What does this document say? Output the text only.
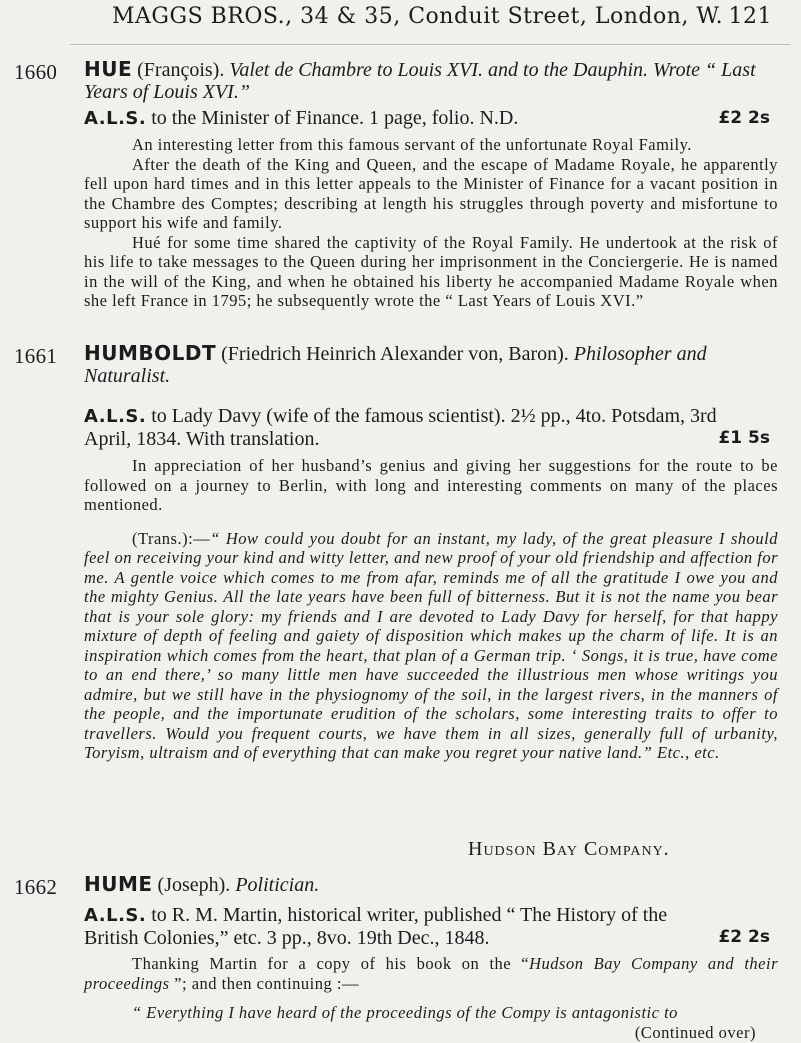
MAGGS BROS., 34 & 35, Conduit Street, London, W. 121
1660 HUE (François). Valet de Chambre to Louis XVI. and to the Dauphin. Wrote “ Last Years of Louis XVI.”
£2 2s
A.L.S. to the Minister of Finance. 1 page, folio. N.D.

An interesting letter from this famous servant of the unfortunate Royal Family.

After the death of the King and Queen, and the escape of Madame Royale, he apparently fell upon hard times and in this letter appeals to the Minister of Finance for a vacant position in the Chambre des Comptes; describing at length his struggles through poverty and misfortune to support his wife and family.

Hué for some time shared the captivity of the Royal Family. He undertook at the risk of his life to take messages to the Queen during her imprisonment in the Conciergerie. He is named in the will of the King, and when he obtained his liberty he accompanied Madame Royale when she left France in 1795; he subsequently wrote the “ Last Years of Louis XVI.”

1661 HUMBOLDT (Friedrich Heinrich Alexander von, Baron). Philosopher and Naturalist.
£1 5s
A.L.S. to Lady Davy (wife of the famous scientist). 2½ pp., 4to. Potsdam, 3rd April, 1834. With translation.

In appreciation of her husband’s genius and giving her suggestions for the route to be followed on a journey to Berlin, with long and interesting comments on many of the places mentioned.

(Trans.):—“ How could you doubt for an instant, my lady, of the great pleasure I should feel on receiving your kind and witty letter, and new proof of your old friendship and affection for me. A gentle voice which comes to me from afar, reminds me of all the gratitude I owe you and the mighty Genius. All the late years have been full of bitterness. But it is not the name you bear that is your sole glory: my friends and I are devoted to Lady Davy for herself, for that happy mixture of depth of feeling and gaiety of disposition which makes up the charm of life. It is an inspiration which comes from the heart, that plan of a German trip. ‘ Songs, it is true, have come to an end there,’ so many little men have succeeded the illustrious men whose writings you admire, but we still have in the physiognomy of the soil, in the largest rivers, in the manners of the people, and the importunate erudition of the scholars, some interesting traits to offer to travellers. Would you frequent courts, we have them in all sizes, generally full of urbanity, Toryism, ultraism and of everything that can make you regret your native land.” Etc., etc.

Hudson Bay Company.
1662 HUME (Joseph). Politician.
£2 2s
A.L.S. to R. M. Martin, historical writer, published “ The History of the British Colonies,” etc. 3 pp., 8vo. 19th Dec., 1848.

Thanking Martin for a copy of his book on the “Hudson Bay Company and their proceedings ”; and then continuing :—

“ Everything I have heard of the proceedings of the Compy is antagonistic to

(Continued over)
